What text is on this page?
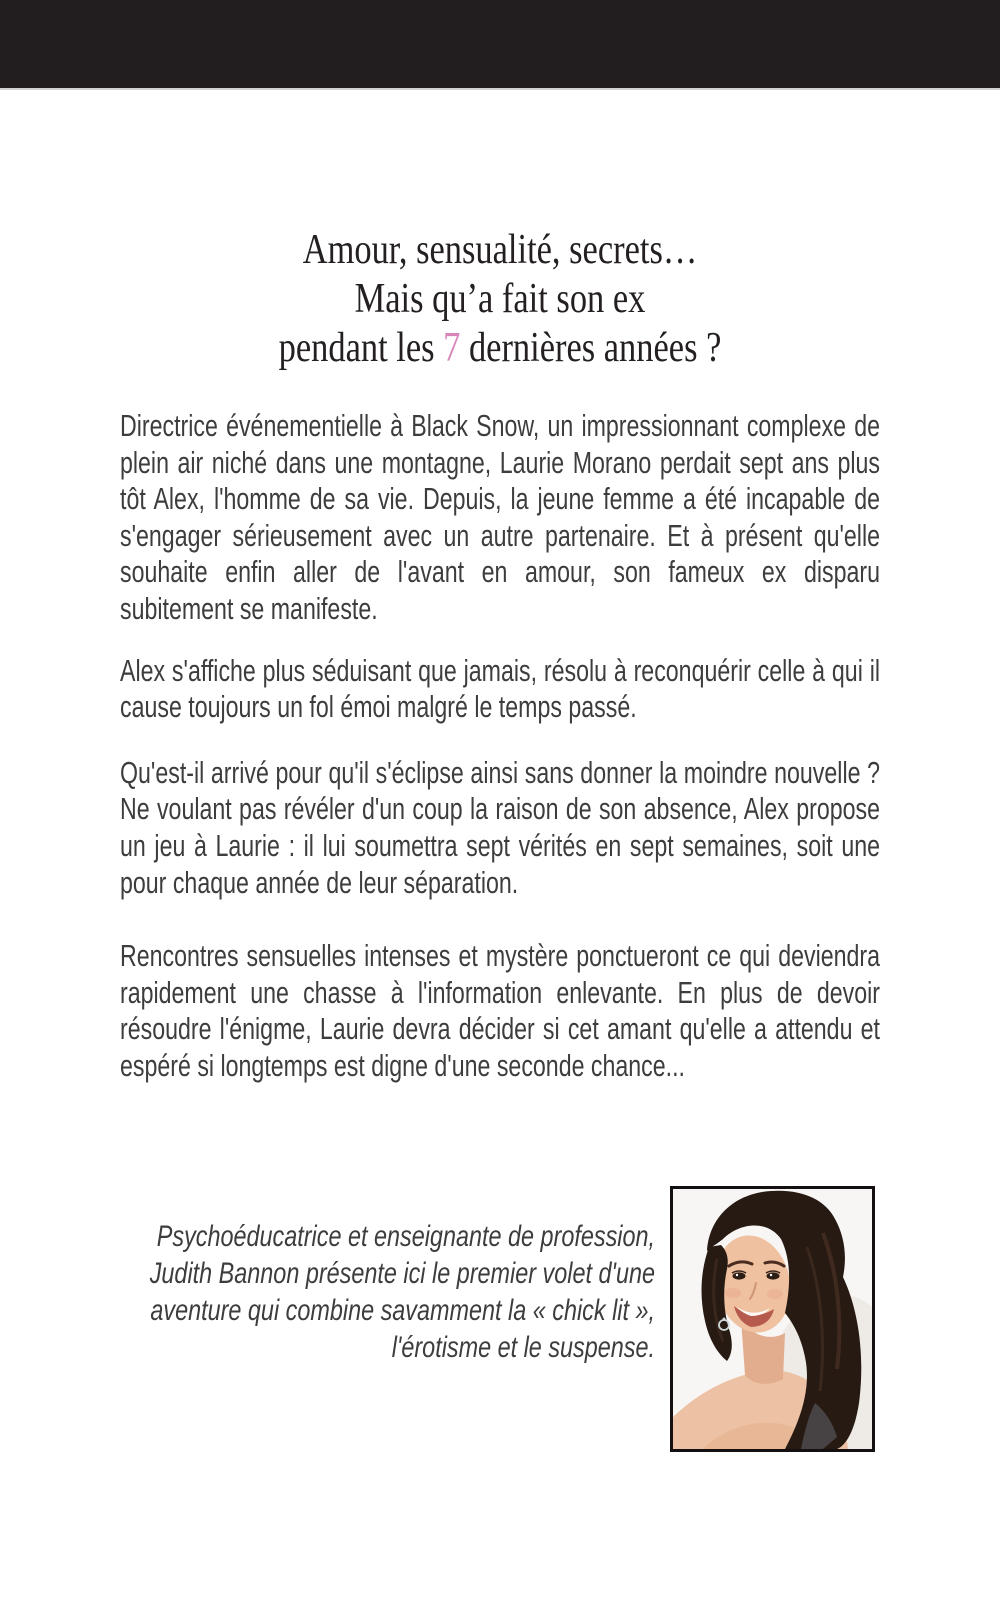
Amour, sensualité, secrets…
Mais qu’a fait son ex
pendant les 7 dernières années ?

Directrice événementielle à Black Snow, un impressionnant complexe de plein air niché dans une montagne, Laurie Morano perdait sept ans plus tôt Alex, l'homme de sa vie. Depuis, la jeune femme a été incapable de s'engager sérieusement avec un autre partenaire. Et à présent qu'elle souhaite enfin aller de l'avant en amour, son fameux ex disparu subitement se manifeste.

Alex s'affiche plus séduisant que jamais, résolu à reconquérir celle à qui il cause toujours un fol émoi malgré le temps passé.

Qu'est-il arrivé pour qu'il s'éclipse ainsi sans donner la moindre nouvelle ? Ne voulant pas révéler d'un coup la raison de son absence, Alex propose un jeu à Laurie : il lui soumettra sept vérités en sept semaines, soit une pour chaque année de leur séparation.

Rencontres sensuelles intenses et mystère ponctueront ce qui deviendra rapidement une chasse à l'information enlevante. En plus de devoir résoudre l'énigme, Laurie devra décider si cet amant qu'elle a attendu et espéré si longtemps est digne d'une seconde chance...

Psychoéducatrice et enseignante de profession, Judith Bannon présente ici le premier volet d'une aventure qui combine savamment la « chick lit », l'érotisme et le suspense.
